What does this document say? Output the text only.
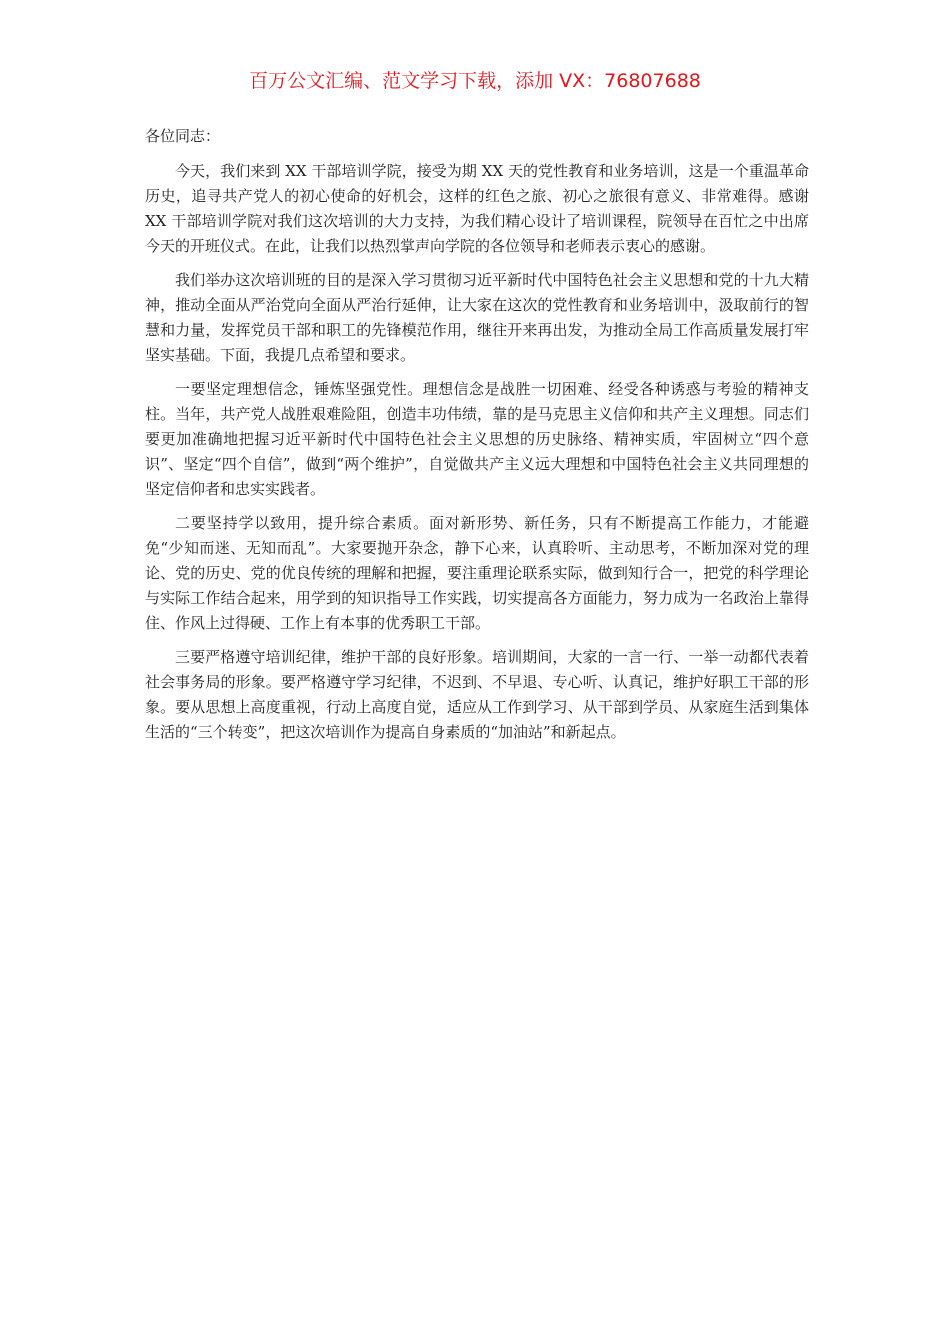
百万公文汇编、范文学习下载，添加 VX：76807688

各位同志：

今天，我们来到 XX 干部培训学院，接受为期 XX 天的党性教育和业务培训，这是一个重温革命历史，追寻共产党人的初心使命的好机会，这样的红色之旅、初心之旅很有意义、非常难得。感谢 XX 干部培训学院对我们这次培训的大力支持，为我们精心设计了培训课程，院领导在百忙之中出席今天的开班仪式。在此，让我们以热烈掌声向学院的各位领导和老师表示衷心的感谢。

我们举办这次培训班的目的是深入学习贯彻习近平新时代中国特色社会主义思想和党的十九大精神，推动全面从严治党向全面从严治行延伸，让大家在这次的党性教育和业务培训中，汲取前行的智慧和力量，发挥党员干部和职工的先锋模范作用，继往开来再出发，为推动全局工作高质量发展打牢坚实基础。下面，我提几点希望和要求。

一要坚定理想信念，锤炼坚强党性。理想信念是战胜一切困难、经受各种诱惑与考验的精神支柱。当年，共产党人战胜艰难险阻，创造丰功伟绩，靠的是马克思主义信仰和共产主义理想。同志们要更加准确地把握习近平新时代中国特色社会主义思想的历史脉络、精神实质，牢固树立“四个意识”、坚定“四个自信”，做到“两个维护”，自觉做共产主义远大理想和中国特色社会主义共同理想的坚定信仰者和忠实实践者。

二要坚持学以致用，提升综合素质。面对新形势、新任务，只有不断提高工作能力，才能避免“少知而迷、无知而乱”。大家要抛开杂念，静下心来，认真聆听、主动思考，不断加深对党的理论、党的历史、党的优良传统的理解和把握，要注重理论联系实际，做到知行合一，把党的科学理论与实际工作结合起来，用学到的知识指导工作实践，切实提高各方面能力，努力成为一名政治上靠得住、作风上过得硬、工作上有本事的优秀职工干部。

三要严格遵守培训纪律，维护干部的良好形象。培训期间，大家的一言一行、一举一动都代表着社会事务局的形象。要严格遵守学习纪律，不迟到、不早退、专心听、认真记，维护好职工干部的形象。要从思想上高度重视，行动上高度自觉，适应从工作到学习、从干部到学员、从家庭生活到集体生活的“三个转变”，把这次培训作为提高自身素质的“加油站”和新起点。
